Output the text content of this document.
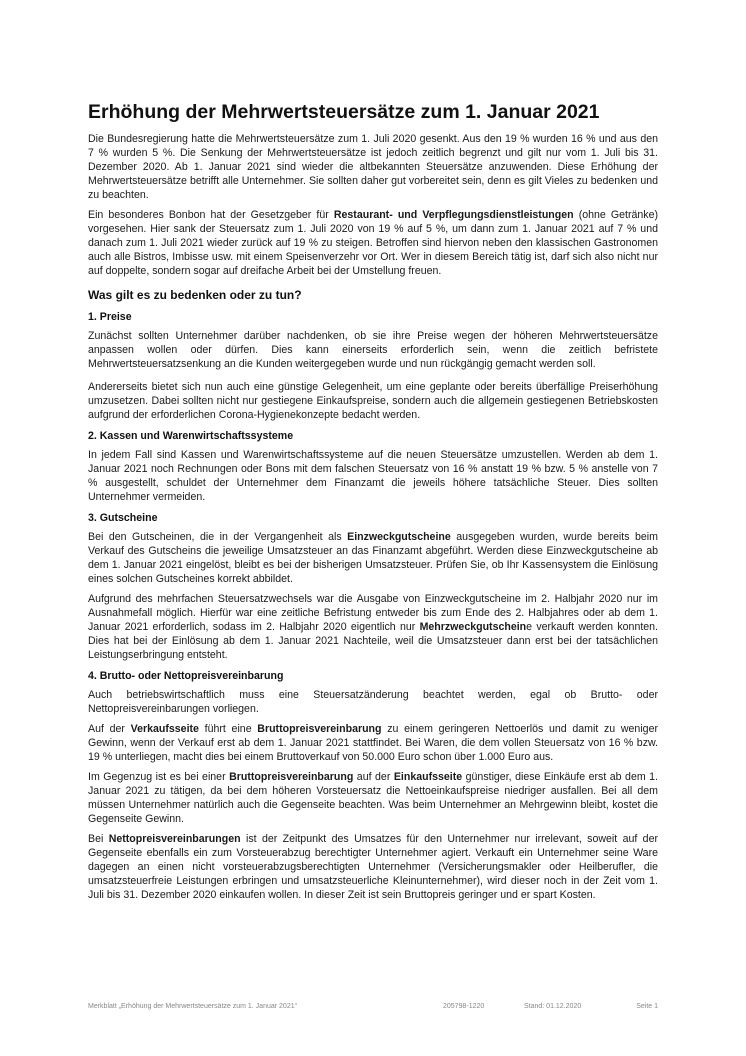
Erhöhung der Mehrwertsteuersätze zum 1. Januar 2021

Die Bundesregierung hatte die Mehrwertsteuersätze zum 1. Juli 2020 gesenkt. Aus den 19 % wurden 16 % und aus den 7 % wurden 5 %. Die Senkung der Mehrwertsteuersätze ist jedoch zeitlich begrenzt und gilt nur vom 1. Juli bis 31. Dezember 2020. Ab 1. Januar 2021 sind wieder die altbekannten Steuersätze anzuwenden. Diese Erhöhung der Mehrwertsteuersätze betrifft alle Unternehmer. Sie sollten daher gut vorbereitet sein, denn es gilt Vieles zu bedenken und zu beachten.

Ein besonderes Bonbon hat der Gesetzgeber für Restaurant- und Verpflegungsdienstleistungen (ohne Getränke) vorgesehen. Hier sank der Steuersatz zum 1. Juli 2020 von 19 % auf 5 %, um dann zum 1. Januar 2021 auf 7 % und danach zum 1. Juli 2021 wieder zurück auf 19 % zu steigen. Betroffen sind hiervon neben den klassischen Gastronomen auch alle Bistros, Imbisse usw. mit einem Speisenverzehr vor Ort. Wer in diesem Bereich tätig ist, darf sich also nicht nur auf doppelte, sondern sogar auf dreifache Arbeit bei der Umstellung freuen.

Was gilt es zu bedenken oder zu tun?
1. Preise

Zunächst sollten Unternehmer darüber nachdenken, ob sie ihre Preise wegen der höheren Mehrwertsteuersätze anpassen wollen oder dürfen. Dies kann einerseits erforderlich sein, wenn die zeitlich befristete Mehrwertsteuersatzsenkung an die Kunden weitergegeben wurde und nun rückgängig gemacht werden soll.

Andererseits bietet sich nun auch eine günstige Gelegenheit, um eine geplante oder bereits überfällige Preiserhöhung umzusetzen. Dabei sollten nicht nur gestiegene Einkaufspreise, sondern auch die allgemein gestiegenen Betriebskosten aufgrund der erforderlichen Corona-Hygienekonzepte bedacht werden.

2. Kassen und Warenwirtschaftssysteme

In jedem Fall sind Kassen und Warenwirtschaftssysteme auf die neuen Steuersätze umzustellen. Werden ab dem 1. Januar 2021 noch Rechnungen oder Bons mit dem falschen Steuersatz von 16 % anstatt 19 % bzw. 5 % anstelle von 7 % ausgestellt, schuldet der Unternehmer dem Finanzamt die jeweils höhere tatsächliche Steuer. Dies sollten Unternehmer vermeiden.

3. Gutscheine

Bei den Gutscheinen, die in der Vergangenheit als Einzweckgutscheine ausgegeben wurden, wurde bereits beim Verkauf des Gutscheins die jeweilige Umsatzsteuer an das Finanzamt abgeführt. Werden diese Einzweckgutscheine ab dem 1. Januar 2021 eingelöst, bleibt es bei der bisherigen Umsatzsteuer. Prüfen Sie, ob Ihr Kassensystem die Einlösung eines solchen Gutscheines korrekt abbildet.

Aufgrund des mehrfachen Steuersatzwechsels war die Ausgabe von Einzweckgutscheine im 2. Halbjahr 2020 nur im Ausnahmefall möglich. Hierfür war eine zeitliche Befristung entweder bis zum Ende des 2. Halbjahres oder ab dem 1. Januar 2021 erforderlich, sodass im 2. Halbjahr 2020 eigentlich nur Mehrzweckgutscheine verkauft werden konnten. Dies hat bei der Einlösung ab dem 1. Januar 2021 Nachteile, weil die Umsatzsteuer dann erst bei der tatsächlichen Leistungserbringung entsteht.

4. Brutto- oder Nettopreisvereinbarung

Auch betriebswirtschaftlich muss eine Steuersatzänderung beachtet werden, egal ob Brutto- oder Nettopreisvereinbarungen vorliegen.

Auf der Verkaufsseite führt eine Bruttopreisvereinbarung zu einem geringeren Nettoerlös und damit zu weniger Gewinn, wenn der Verkauf erst ab dem 1. Januar 2021 stattfindet. Bei Waren, die dem vollen Steuersatz von 16 % bzw. 19 % unterliegen, macht dies bei einem Bruttoverkauf von 50.000 Euro schon über 1.000 Euro aus.

Im Gegenzug ist es bei einer Bruttopreisvereinbarung auf der Einkaufsseite günstiger, diese Einkäufe erst ab dem 1. Januar 2021 zu tätigen, da bei dem höheren Vorsteuersatz die Nettoeinkaufspreise niedriger ausfallen. Bei all dem müssen Unternehmer natürlich auch die Gegenseite beachten. Was beim Unternehmer an Mehrgewinn bleibt, kostet die Gegenseite Gewinn.

Bei Nettopreisvereinbarungen ist der Zeitpunkt des Umsatzes für den Unternehmer nur irrelevant, soweit auf der Gegenseite ebenfalls ein zum Vorsteuerabzug berechtigter Unternehmer agiert. Verkauft ein Unternehmer seine Ware dagegen an einen nicht vorsteuerabzugsberechtigten Unternehmer (Versicherungsmakler oder Heilberufler, die umsatzsteuerfreie Leistungen erbringen und umsatzsteuerliche Kleinunternehmer), wird dieser noch in der Zeit vom 1. Juli bis 31. Dezember 2020 einkaufen wollen. In dieser Zeit ist sein Bruttopreis geringer und er spart Kosten.

Merkblatt „Erhöhung der Mehrwertsteuersätze zum 1. Januar 2021“	205798-1220	Stand: 01.12.2020	Seite 1
